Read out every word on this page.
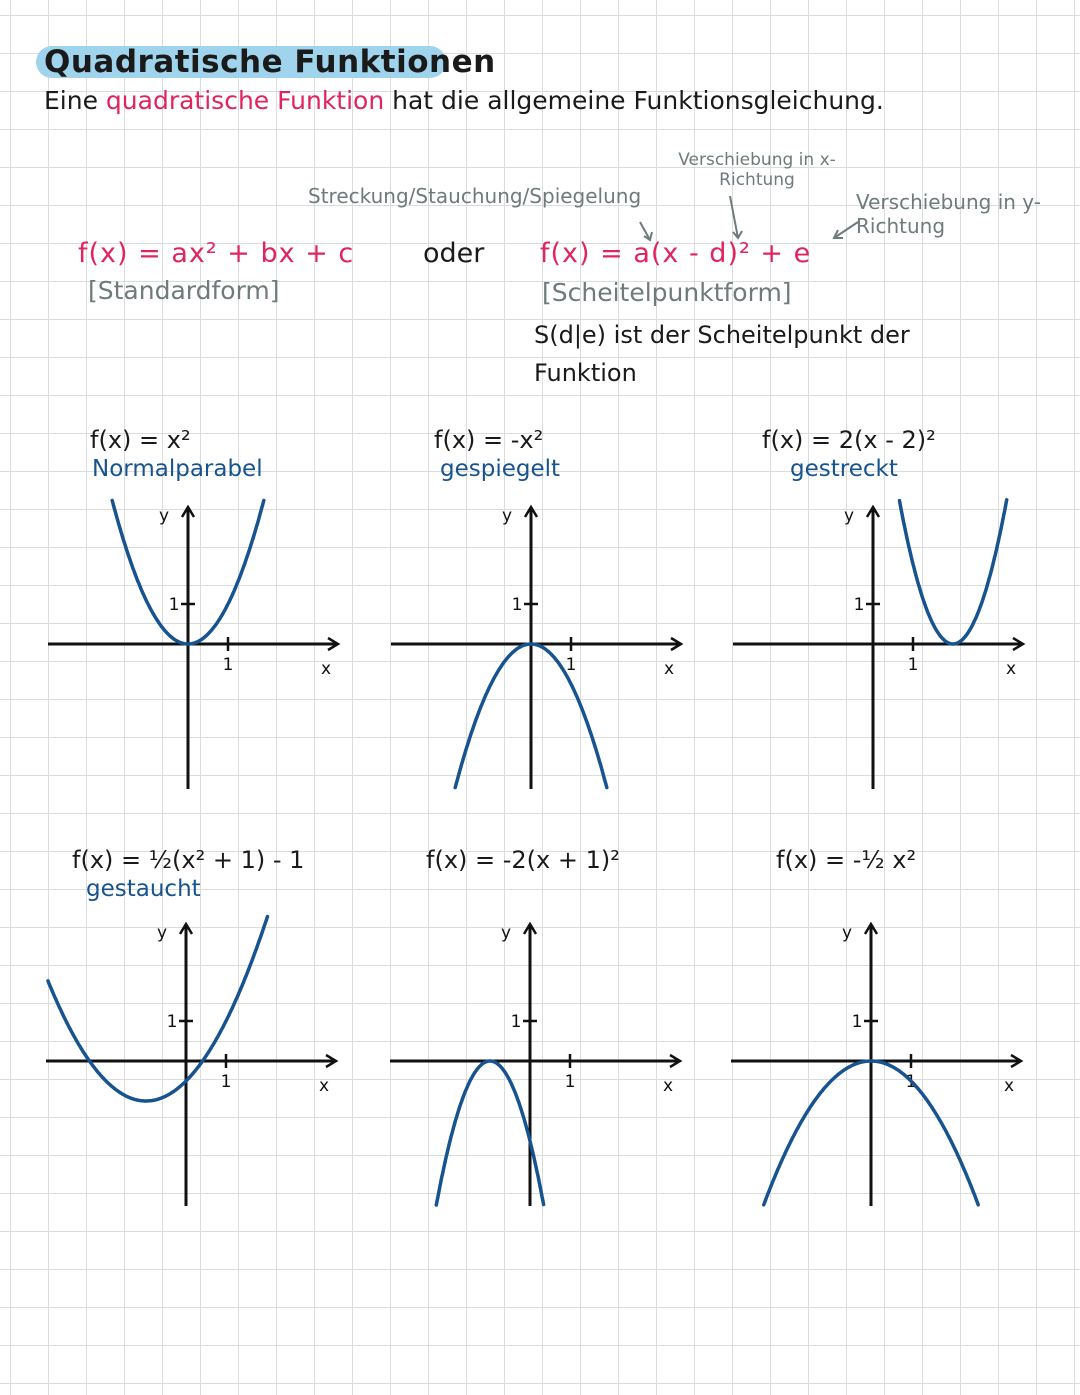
Quadratische Funktionen
Eine quadratische Funktion hat die allgemeine Funktionsgleichung.
Streckung/Stauchung/Spiegelung
Verschiebung in x- Richtung
Verschiebung in y- Richtung
f(x) = ax² + bx + c
[Standardform]
oder f(x) = a(x - d)² + e
[Scheitelpunktform]
S(d|e) ist der Scheitelpunkt der Funktion
f(x) = x²
Normalparabel
f(x) = -x²
gespiegelt
f(x) = 2(x - 2)²
gestreckt
f(x) = ½(x² + 1) - 1
gestaucht
f(x) = -2(x + 1)²	f(x) = -½ x²
1
1
x
y
1
1
x
y
1
1
x
y
1
1
x
y
1
1
x
y
1
1
x
y
